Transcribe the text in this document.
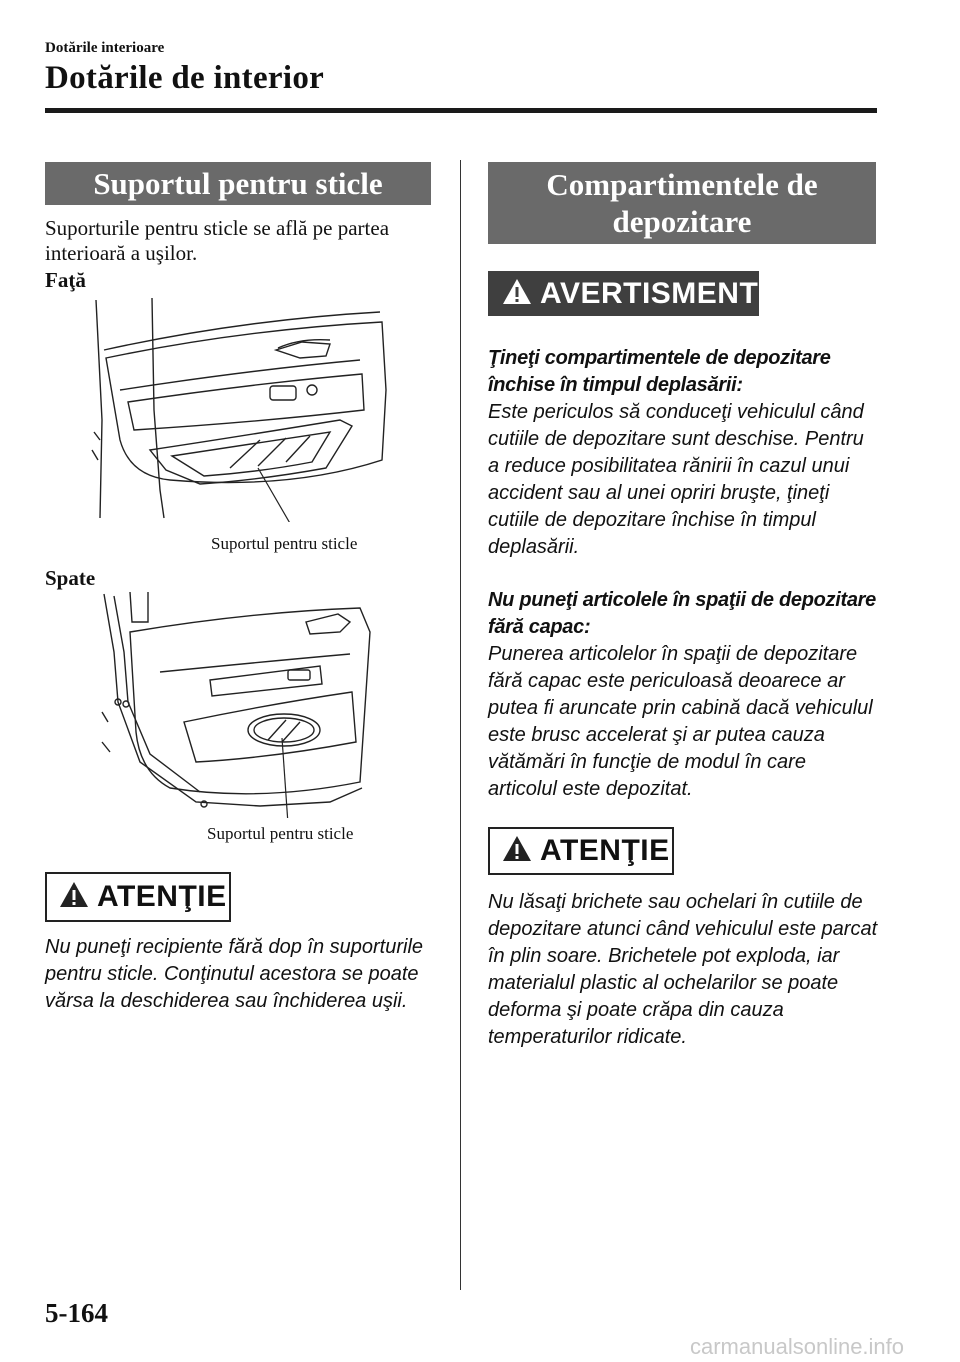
Dotările interioare
Dotările de interior
Suportul pentru sticle
Suporturile pentru sticle se află pe partea interioară a uşilor.
Faţă
Suportul pentru sticle
Spate
Suportul pentru sticle
ATENŢIE
Nu puneţi recipiente fără dop în suporturile pentru sticle. Conţinutul acestora se poate vărsa la deschiderea sau închiderea uşii.
Compartimentele de depozitare
AVERTISMENT
Ţineţi compartimentele de depozitare închise în timpul deplasării:
Este periculos să conduceţi vehiculul când cutiile de depozitare sunt deschise. Pentru a reduce posibilitatea rănirii în cazul unui accident sau al unei opriri bruşte, ţineţi cutiile de depozitare închise în timpul deplasării.
Nu puneţi articolele în spaţii de depozitare fără capac:
Punerea articolelor în spaţii de depozitare fără capac este periculoasă deoarece ar putea fi aruncate prin cabină dacă vehiculul este brusc accelerat şi ar putea cauza vătămări în funcţie de modul în care articolul este depozitat.
ATENŢIE
Nu lăsaţi brichete sau ochelari în cutiile de depozitare atunci când vehiculul este parcat în plin soare. Brichetele pot exploda, iar materialul plastic al ochelarilor se poate deforma şi poate crăpa din cauza temperaturilor ridicate.
5-164
carmanualsonline.info
